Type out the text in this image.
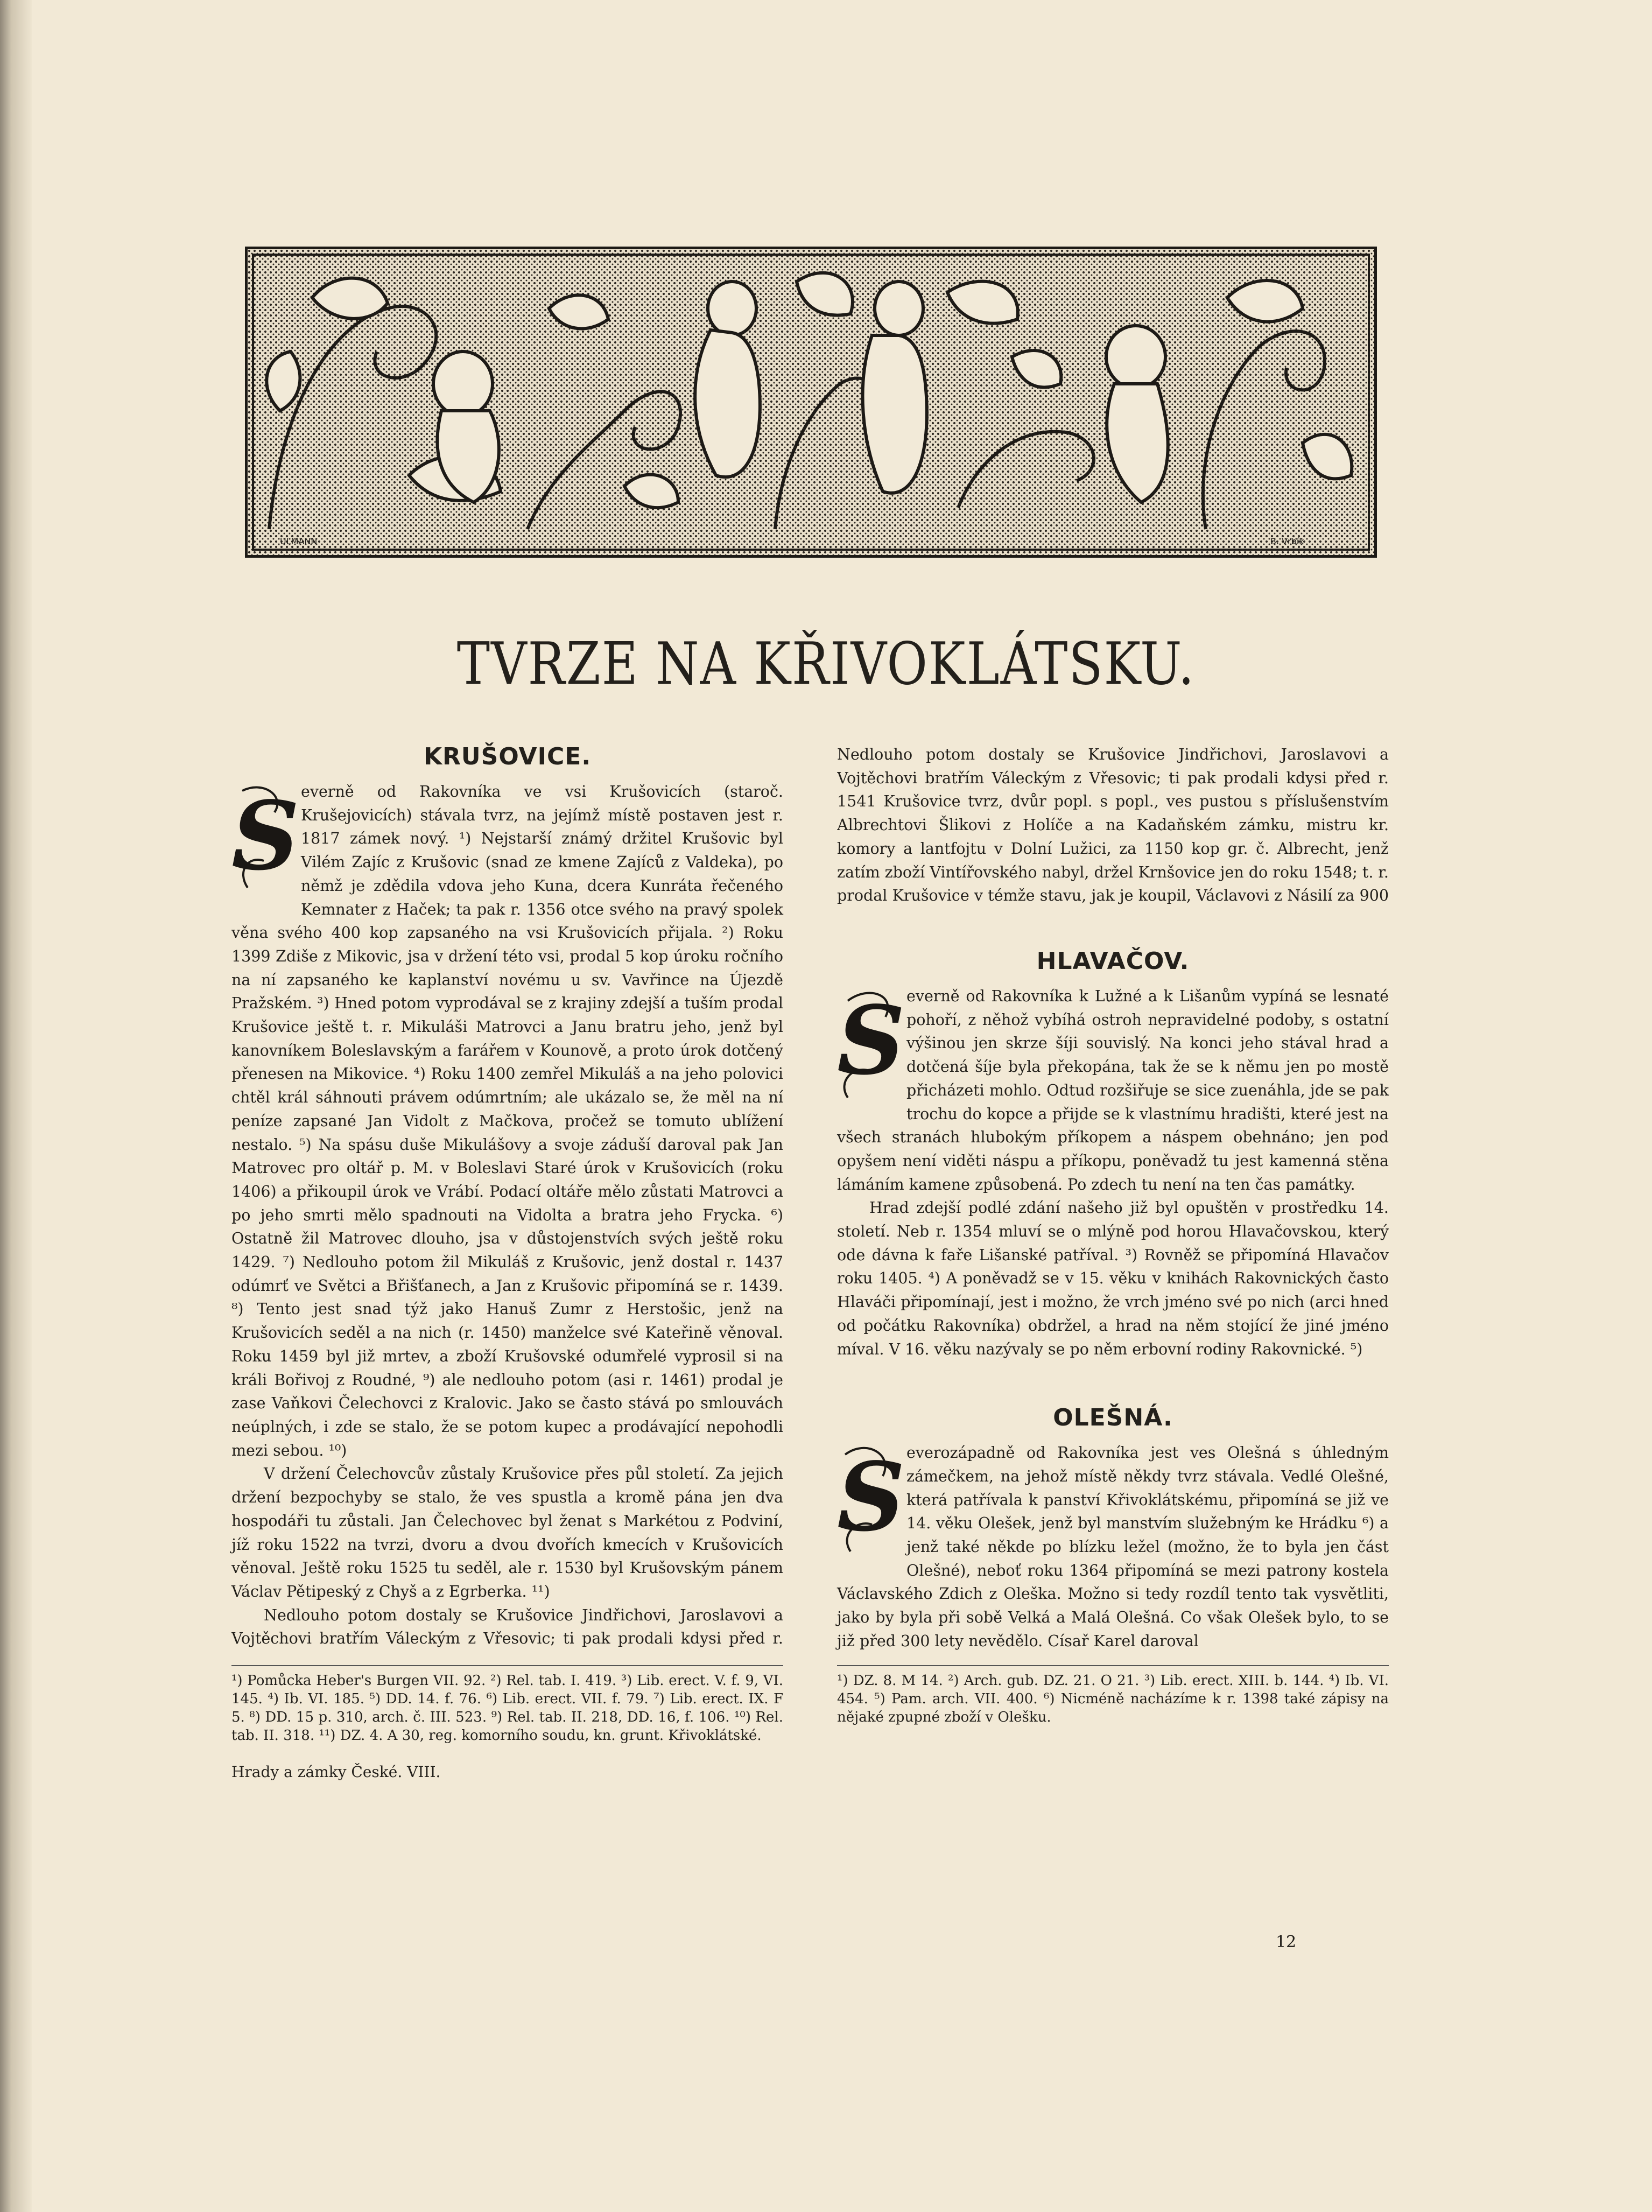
ULMANN	B. Vrbík
TVRZE NA KŘIVOKLÁTSKU.
KRUŠOVICE.
S everně od Rakovníka ve vsi Krušovicích (staroč. Krušejovicích) stávala tvrz, na jejímž místě postaven jest r. 1817 zámek nový. ¹) Nejstarší známý držitel Krušovic byl Vilém Zajíc z Krušovic (snad ze kmene Zajíců z Valdeka), po němž je zdědila vdova jeho Kuna, dcera Kunráta řečeného Kemnater z Haček; ta pak r. 1356 otce svého na pravý spolek věna svého 400 kop zapsaného na vsi Krušovicích přijala. ²) Roku 1399 Zdiše z Mikovic, jsa v držení této vsi, prodal 5 kop úroku ročního na ní zapsaného ke kaplanství novému u sv. Vavřince na Újezdě Pražském. ³) Hned potom vyprodával se z krajiny zdejší a tuším prodal Krušovice ještě t. r. Mikuláši Matrovci a Janu bratru jeho, jenž byl kanovníkem Boleslavským a farářem v Kounově, a proto úrok dotčený přenesen na Mikovice. ⁴) Roku 1400 zemřel Mikuláš a na jeho polovici chtěl král sáhnouti právem odúmrtním; ale ukázalo se, že měl na ní peníze zapsané Jan Vidolt z Mačkova, pročež se tomuto ublížení nestalo. ⁵) Na spásu duše Mikulášovy a svoje záduší daroval pak Jan Matrovec pro oltář p. M. v Boleslavi Staré úrok v Krušovicích (roku 1406) a přikoupil úrok ve Vrábí. Podací oltáře mělo zůstati Matrovci a po jeho smrti mělo spadnouti na Vidolta a bratra jeho Frycka. ⁶) Ostatně žil Matrovec dlouho, jsa v důstojenstvích svých ještě roku 1429. ⁷) Nedlouho potom žil Mikuláš z Krušovic, jenž dostal r. 1437 odúmrť ve Světci a Břišťanech, a Jan z Krušovic připomíná se r. 1439. ⁸) Tento jest snad týž jako Hanuš Zumr z Herstošic, jenž na Krušovicích seděl a na nich (r. 1450) manželce své Kateřině věnoval. Roku 1459 byl již mrtev, a zboží Krušovské odumřelé vyprosil si na králi Bořivoj z Roudné, ⁹) ale nedlouho potom (asi r. 1461) prodal je zase Vaňkovi Čelechovci z Kralovic. Jako se často stává po smlouvách neúplných, i zde se stalo, že se potom kupec a prodávající nepohodli mezi sebou. ¹⁰)

V držení Čelechovcův zůstaly Krušovice přes půl století. Za jejich držení bezpochyby se stalo, že ves spustla a kromě pána jen dva hospodáři tu zůstali. Jan Čelechovec byl ženat s Markétou z Podviní, jíž roku 1522 na tvrzi, dvoru a dvou dvořích kmecích v Krušovicích věnoval. Ještě roku 1525 tu seděl, ale r. 1530 byl Krušovským pánem Václav Pětipeský z Chyš a z Egrberka. ¹¹)

Nedlouho potom dostaly se Krušovice Jindřichovi, Jaroslavovi a Vojtěchovi bratřím Váleckým z Vřesovic; ti pak prodali kdysi před r.

¹) Pomůcka Heber's Burgen VII. 92. ²) Rel. tab. I. 419. ³) Lib. erect. V. f. 9, VI. 145. ⁴) Ib. VI. 185. ⁵) DD. 14. f. 76. ⁶) Lib. erect. VII. f. 79. ⁷) Lib. erect. IX. F 5. ⁸) DD. 15 p. 310, arch. č. III. 523. ⁹) Rel. tab. II. 218, DD. 16, f. 106. ¹⁰) Rel. tab. II. 318. ¹¹) DZ. 4. A 30, reg. komorního soudu, kn. grunt. Křivoklátské.
Hrady a zámky České. VIII.

Nedlouho potom dostaly se Krušovice Jindřichovi, Jaroslavovi a Vojtěchovi bratřím Váleckým z Vřesovic; ti pak prodali kdysi před r. 1541 Krušovice tvrz, dvůr popl. s popl., ves pustou s příslušenstvím Albrechtovi Šlikovi z Holíče a na Kadaňském zámku, mistru kr. komory a lantfojtu v Dolní Lužici, za 1150 kop gr. č. Albrecht, jenž zatím zboží Vintířovského nabyl, držel Krnšovice jen do roku 1548; t. r. prodal Krušovice v témže stavu, jak je koupil, Václavovi z Násilí za 900

HLAVAČOV.
S everně od Rakovníka k Lužné a k Lišanům vypíná se lesnaté pohoří, z něhož vybíhá ostroh nepravidelné podoby, s ostatní výšinou jen skrze šíji souvislý. Na konci jeho stával hrad a dotčená šíje byla překopána, tak že se k němu jen po mostě přicházeti mohlo. Odtud rozšiřuje se sice zuenáhla, jde se pak trochu do kopce a přijde se k vlastnímu hradišti, které jest na všech stranách hlubokým příkopem a náspem obehnáno; jen pod opyšem není viděti náspu a příkopu, poněvadž tu jest kamenná stěna lámáním kamene způsobená. Po zdech tu není na ten čas památky.

Hrad zdejší podlé zdání našeho již byl opuštěn v prostředku 14. století. Neb r. 1354 mluví se o mlýně pod horou Hlavačovskou, který ode dávna k faře Lišanské patříval. ³) Rovněž se připomíná Hlavačov roku 1405. ⁴) A poněvadž se v 15. věku v knihách Rakovnických často Hlaváči připomínají, jest i možno, že vrch jméno své po nich (arci hned od počátku Rakovníka) obdržel, a hrad na něm stojící že jiné jméno míval. V 16. věku nazývaly se po něm erbovní rodiny Rakovnické. ⁵)

OLEŠNÁ.
S everozápadně od Rakovníka jest ves Olešná s úhledným zámečkem, na jehož místě někdy tvrz stávala. Vedlé Olešné, která patřívala k panství Křivoklátskému, připomíná se již ve 14. věku Olešek, jenž byl manstvím služebným ke Hrádku ⁶) a jenž také někde po blízku ležel (možno, že to byla jen část Olešné), neboť roku 1364 připomíná se mezi patrony kostela Václavského Zdich z Oleška. Možno si tedy rozdíl tento tak vysvětliti, jako by byla při sobě Velká a Malá Olešná. Co však Olešek bylo, to se již před 300 lety nevědělo. Císař Karel daroval

¹) DZ. 8. M 14. ²) Arch. gub. DZ. 21. O 21. ³) Lib. erect. XIII. b. 144. ⁴) Ib. VI. 454. ⁵) Pam. arch. VII. 400. ⁶) Nicméně nacházíme k r. 1398 také zápisy na nějaké zpupné zboží v Olešku.
12
